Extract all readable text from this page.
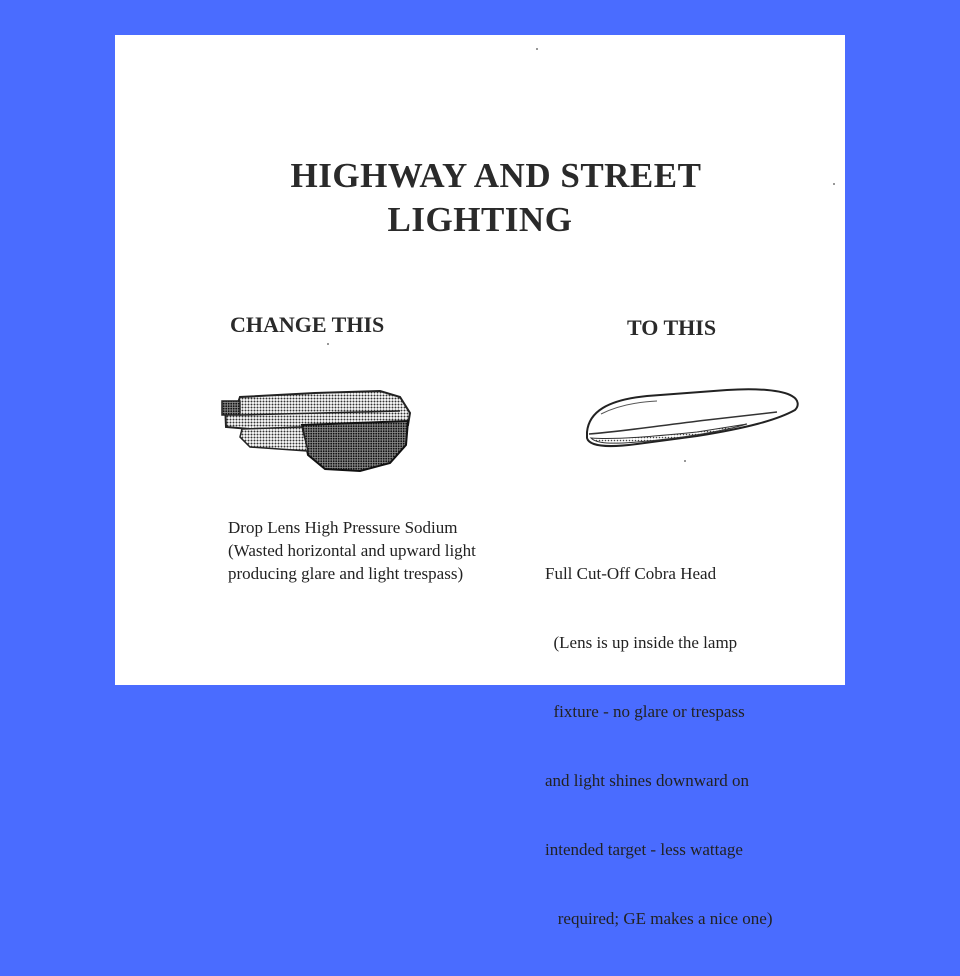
HIGHWAY AND STREET
LIGHTING
CHANGE THIS	TO THIS
Drop Lens High Pressure Sodium
(Wasted horizontal and upward light
producing glare and light trespass)

	Full Cut-Off Cobra Head

(Lens is up inside the lamp

fixture - no glare or trespass

and light shines downward on

intended target - less wattage

required; GE makes a nice one)
